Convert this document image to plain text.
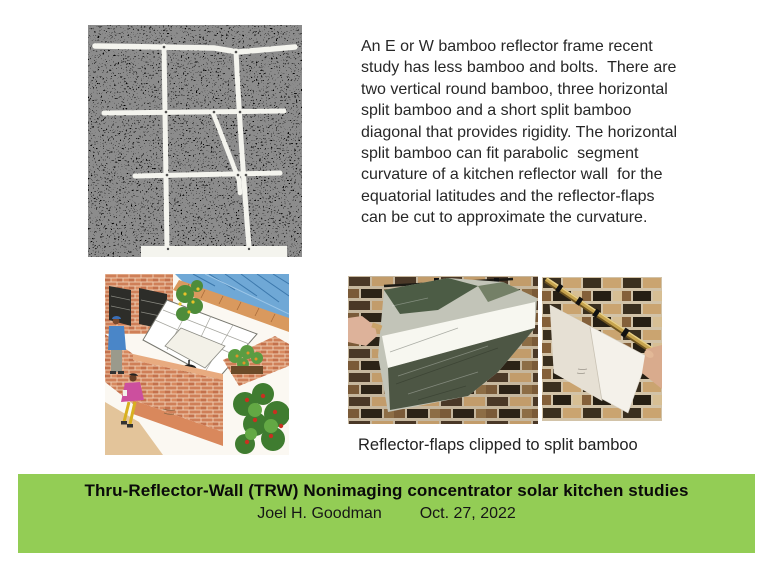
An E or W bamboo reflector frame recent study has less bamboo and bolts.  There are two vertical round bamboo, three horizontal split bamboo and a short split bamboo diagonal that provides rigidity. The horizontal split bamboo can fit parabolic  segment curvature of a kitchen reflector wall  for the equatorial latitudes and the reflector-flaps can be cut to approximate the curvature.
Reflector-flaps clipped to split bamboo
Thru-Reflector-Wall (TRW) Nonimaging concentrator solar kitchen studies
Joel H. Goodman Oct. 27, 2022
